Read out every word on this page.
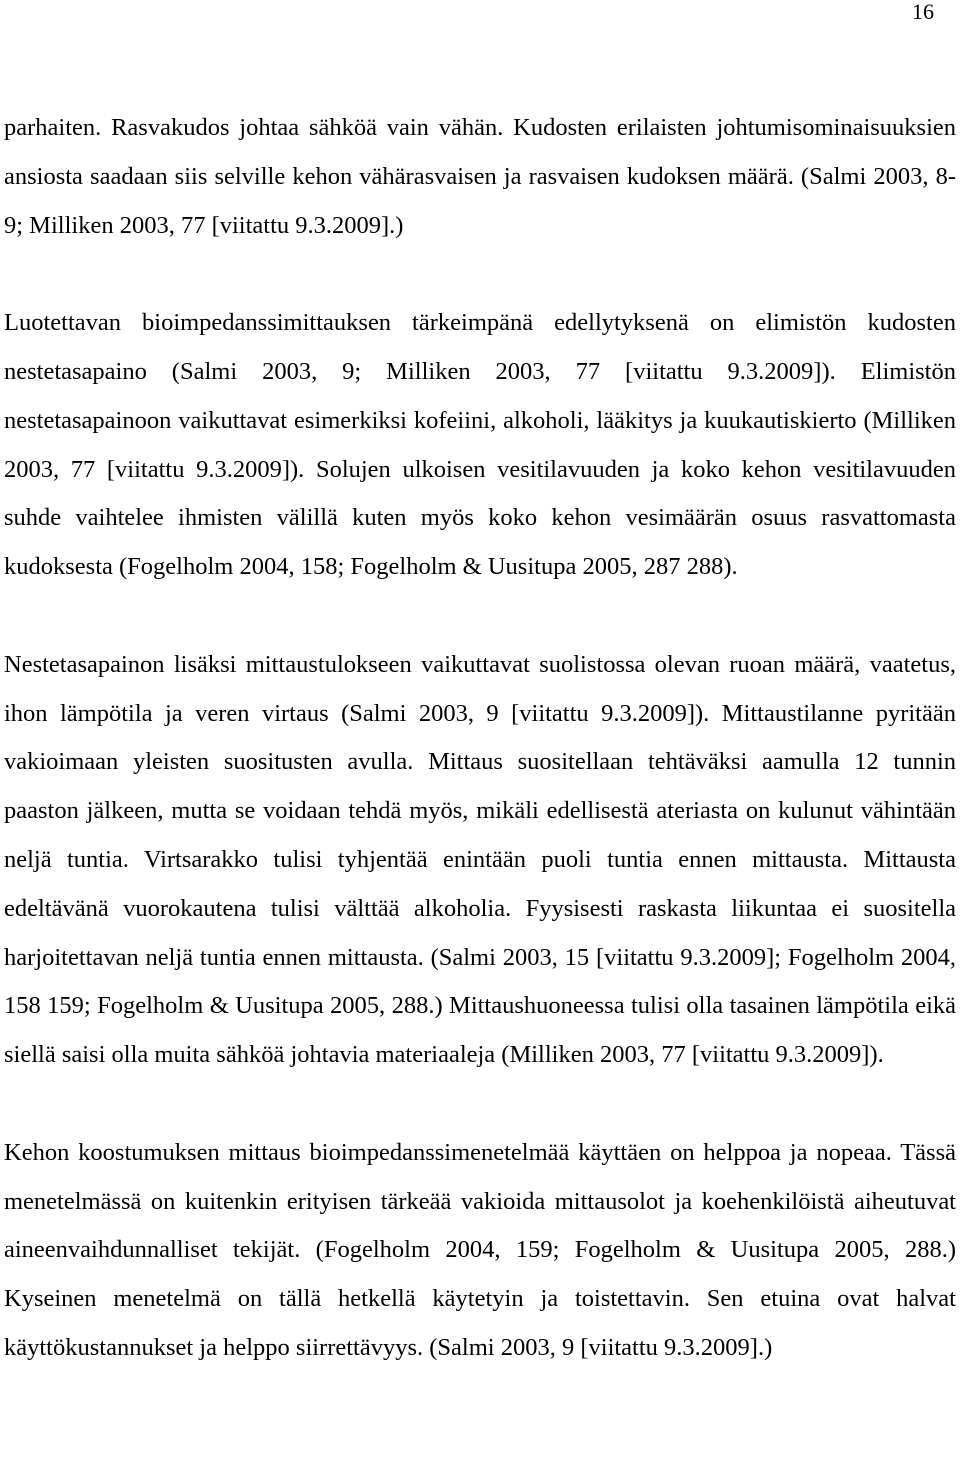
16

parhaiten. Rasvakudos johtaa sähköä vain vähän. Kudosten erilaisten johtumisominaisuuksien ansiosta saadaan siis selville kehon vähärasvaisen ja rasvaisen kudoksen määrä. (Salmi 2003, 8-9; Milliken 2003, 77 [viitattu 9.3.2009].)

Luotettavan bioimpedanssimittauksen tärkeimpänä edellytyksenä on elimistön kudosten nestetasapaino (Salmi 2003, 9; Milliken 2003, 77 [viitattu 9.3.2009]). Elimistön nestetasapainoon vaikuttavat esimerkiksi kofeiini, alkoholi, lääkitys ja kuukautiskierto (Milliken 2003, 77 [viitattu 9.3.2009]). Solujen ulkoisen vesitilavuuden ja koko kehon vesitilavuuden suhde vaihtelee ihmisten välillä kuten myös koko kehon vesimäärän osuus rasvattomasta kudoksesta (Fogelholm 2004, 158; Fogelholm & Uusitupa 2005, 287 288).

Nestetasapainon lisäksi mittaustulokseen vaikuttavat suolistossa olevan ruoan määrä, vaatetus, ihon lämpötila ja veren virtaus (Salmi 2003, 9 [viitattu 9.3.2009]). Mittaustilanne pyritään vakioimaan yleisten suositusten avulla. Mittaus suositellaan tehtäväksi aamulla 12 tunnin paaston jälkeen, mutta se voidaan tehdä myös, mikäli edellisestä ateriasta on kulunut vähintään neljä tuntia. Virtsarakko tulisi tyhjentää enintään puoli tuntia ennen mittausta. Mittausta edeltävänä vuorokautena tulisi välttää alkoholia. Fyysisesti raskasta liikuntaa ei suositella harjoitettavan neljä tuntia ennen mittausta. (Salmi 2003, 15 [viitattu 9.3.2009]; Fogelholm 2004, 158 159; Fogelholm & Uusitupa 2005, 288.) Mittaushuoneessa tulisi olla tasainen lämpötila eikä siellä saisi olla muita sähköä johtavia materiaaleja (Milliken 2003, 77 [viitattu 9.3.2009]).

Kehon koostumuksen mittaus bioimpedanssimenetelmää käyttäen on helppoa ja nopeaa. Tässä menetelmässä on kuitenkin erityisen tärkeää vakioida mittausolot ja koehenkilöistä aiheutuvat aineenvaihdunnalliset tekijät. (Fogelholm 2004, 159; Fogelholm & Uusitupa 2005, 288.) Kyseinen menetelmä on tällä hetkellä käytetyin ja toistettavin. Sen etuina ovat halvat käyttökustannukset ja helppo siirrettävyys. (Salmi 2003, 9 [viitattu 9.3.2009].)
